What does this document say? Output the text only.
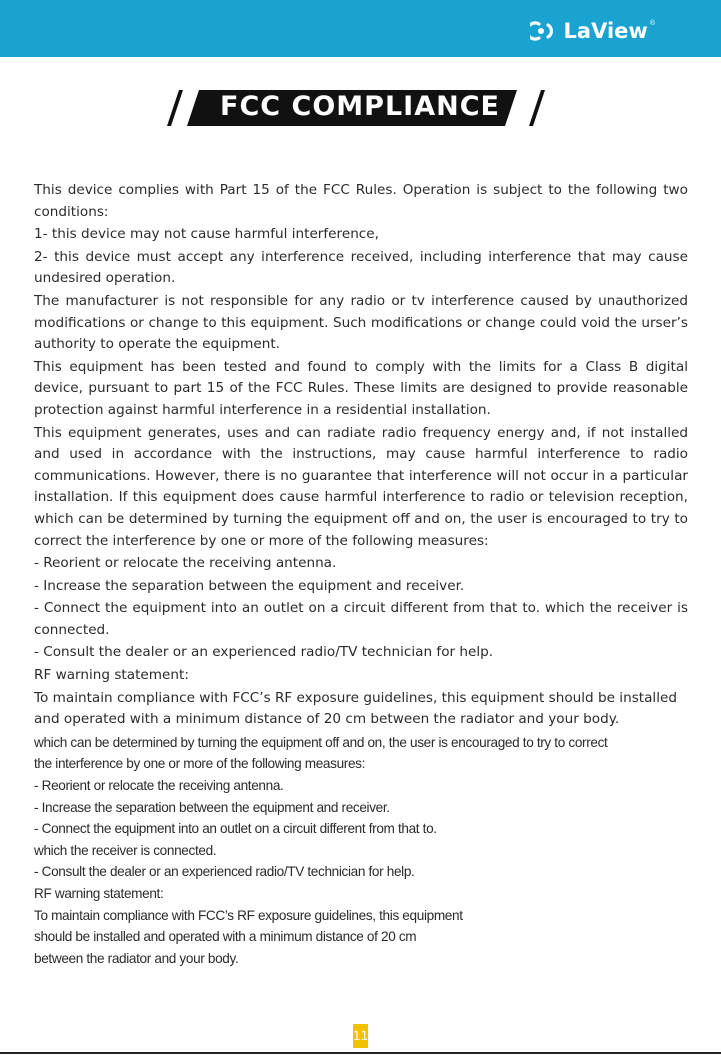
LaView ®
FCC COMPLIANCE

This device complies with Part 15 of the FCC Rules. Operation is subject to the following two conditions:

1- this device may not cause harmful interference,

2- this device must accept any interference received, including interference that may cause undesired operation.

The manufacturer is not responsible for any radio or tv interference caused by unauthorized modifications or change to this equipment. Such modifications or change could void the urser’s authority to operate the equipment.

This equipment has been tested and found to comply with the limits for a Class B digital device, pursuant to part 15 of the FCC Rules. These limits are designed to provide reasonable protection against harmful interference in a residential installation.

This equipment generates, uses and can radiate radio frequency energy and, if not installed and used in accordance with the instructions, may cause harmful interference to radio communications. However, there is no guarantee that interference will not occur in a particular installation. If this equipment does cause harmful interference to radio or television reception, which can be determined by turning the equipment off and on, the user is encouraged to try to correct the interference by one or more of the following measures:

- Reorient or relocate the receiving antenna.

- Increase the separation between the equipment and receiver.

- Connect the equipment into an outlet on a circuit different from that to. which the receiver is connected.

- Consult the dealer or an experienced radio/TV technician for help.

RF warning statement:

To maintain compliance with FCC’s RF exposure guidelines, this equipment should be installed and operated with a minimum distance of 20 cm between the radiator and your body.

which can be determined by turning the equipment off and on, the user is encouraged to try to correct

the interference by one or more of the following measures:

- Reorient or relocate the receiving antenna.

- Increase the separation between the equipment and receiver.

- Connect the equipment into an outlet on a circuit different from that to.

which the receiver is connected.

- Consult the dealer or an experienced radio/TV technician for help.

RF warning statement:

To maintain compliance with FCC’s RF exposure guidelines, this equipment

should be installed and operated with a minimum distance of 20 cm

between the radiator and your body.

11
